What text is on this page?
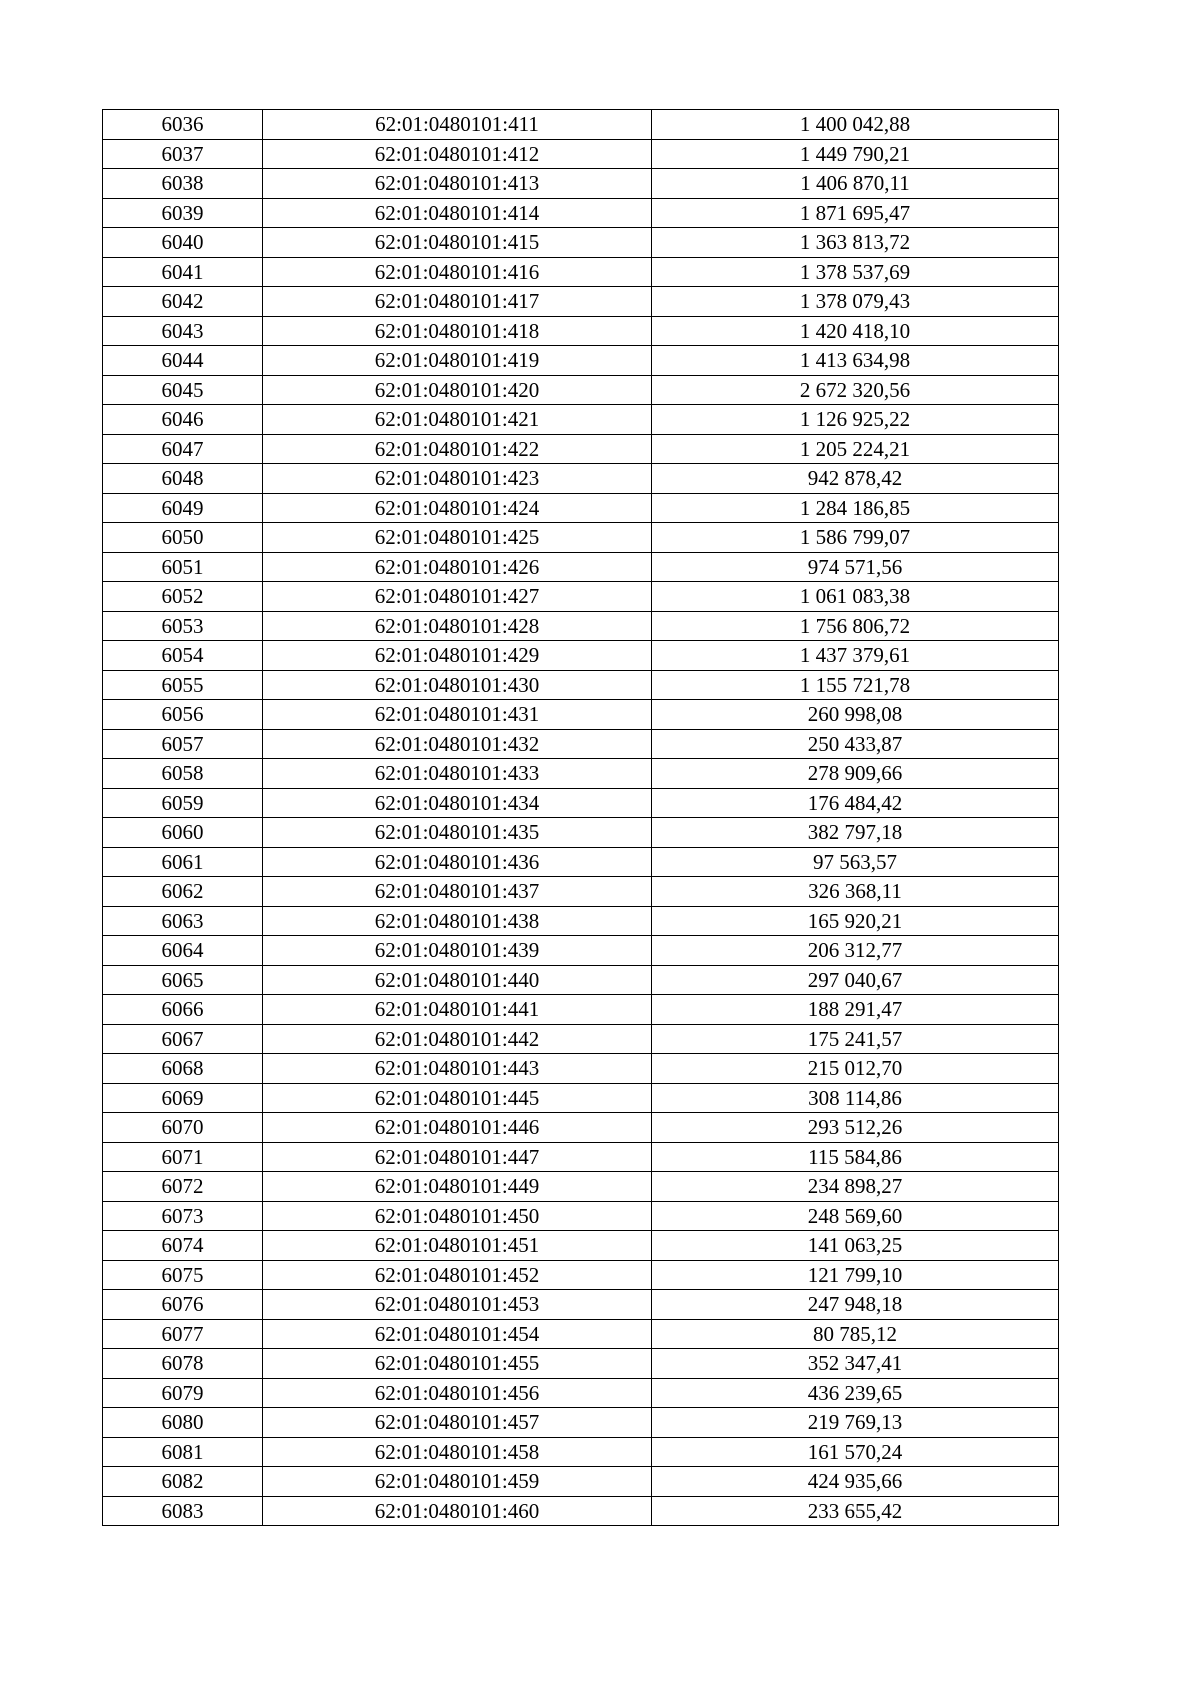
6036	62:01:0480101:411	1 400 042,88
6037	62:01:0480101:412	1 449 790,21
6038	62:01:0480101:413	1 406 870,11
6039	62:01:0480101:414	1 871 695,47
6040	62:01:0480101:415	1 363 813,72
6041	62:01:0480101:416	1 378 537,69
6042	62:01:0480101:417	1 378 079,43
6043	62:01:0480101:418	1 420 418,10
6044	62:01:0480101:419	1 413 634,98
6045	62:01:0480101:420	2 672 320,56
6046	62:01:0480101:421	1 126 925,22
6047	62:01:0480101:422	1 205 224,21
6048	62:01:0480101:423	942 878,42
6049	62:01:0480101:424	1 284 186,85
6050	62:01:0480101:425	1 586 799,07
6051	62:01:0480101:426	974 571,56
6052	62:01:0480101:427	1 061 083,38
6053	62:01:0480101:428	1 756 806,72
6054	62:01:0480101:429	1 437 379,61
6055	62:01:0480101:430	1 155 721,78
6056	62:01:0480101:431	260 998,08
6057	62:01:0480101:432	250 433,87
6058	62:01:0480101:433	278 909,66
6059	62:01:0480101:434	176 484,42
6060	62:01:0480101:435	382 797,18
6061	62:01:0480101:436	97 563,57
6062	62:01:0480101:437	326 368,11
6063	62:01:0480101:438	165 920,21
6064	62:01:0480101:439	206 312,77
6065	62:01:0480101:440	297 040,67
6066	62:01:0480101:441	188 291,47
6067	62:01:0480101:442	175 241,57
6068	62:01:0480101:443	215 012,70
6069	62:01:0480101:445	308 114,86
6070	62:01:0480101:446	293 512,26
6071	62:01:0480101:447	115 584,86
6072	62:01:0480101:449	234 898,27
6073	62:01:0480101:450	248 569,60
6074	62:01:0480101:451	141 063,25
6075	62:01:0480101:452	121 799,10
6076	62:01:0480101:453	247 948,18
6077	62:01:0480101:454	80 785,12
6078	62:01:0480101:455	352 347,41
6079	62:01:0480101:456	436 239,65
6080	62:01:0480101:457	219 769,13
6081	62:01:0480101:458	161 570,24
6082	62:01:0480101:459	424 935,66
6083	62:01:0480101:460	233 655,42
